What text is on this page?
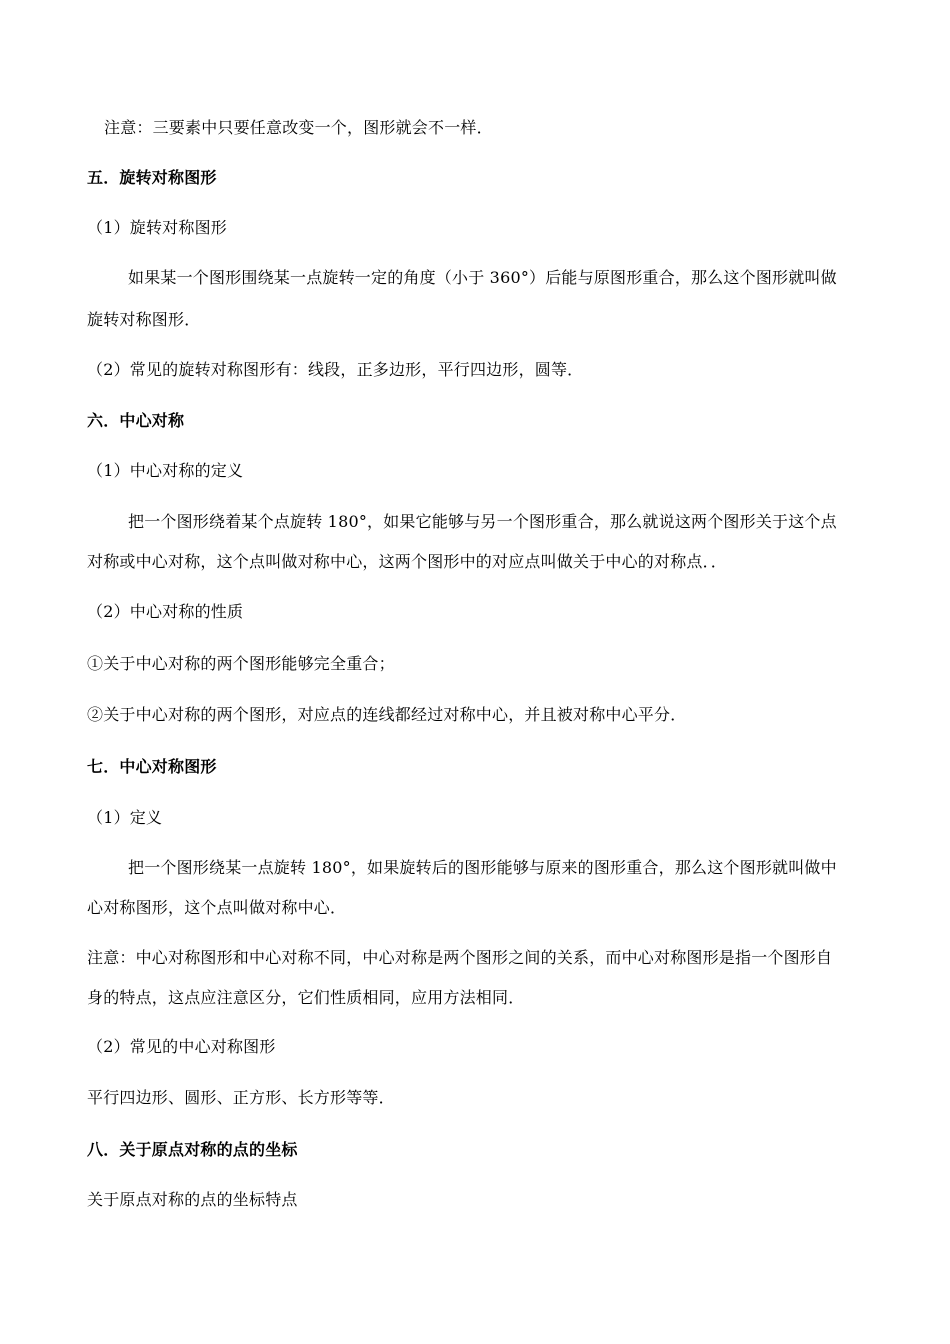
注意：三要素中只要任意改变一个，图形就会不一样．
五．旋转对称图形
（1）旋转对称图形
如果某一个图形围绕某一点旋转一定的角度（小于 360°）后能与原图形重合，那么这个图形就叫做
旋转对称图形．
（2）常见的旋转对称图形有：线段，正多边形，平行四边形，圆等．
六．中心对称
（1）中心对称的定义
把一个图形绕着某个点旋转 180°，如果它能够与另一个图形重合，那么就说这两个图形关于这个点
对称或中心对称，这个点叫做对称中心，这两个图形中的对应点叫做关于中心的对称点．．
（2）中心对称的性质
①关于中心对称的两个图形能够完全重合；
②关于中心对称的两个图形，对应点的连线都经过对称中心，并且被对称中心平分．
七．中心对称图形
（1）定义
把一个图形绕某一点旋转 180°，如果旋转后的图形能够与原来的图形重合，那么这个图形就叫做中
心对称图形，这个点叫做对称中心．
注意：中心对称图形和中心对称不同，中心对称是两个图形之间的关系，而中心对称图形是指一个图形自
身的特点，这点应注意区分，它们性质相同，应用方法相同．
（2）常见的中心对称图形
平行四边形、圆形、正方形、长方形等等．
八．关于原点对称的点的坐标
关于原点对称的点的坐标特点
